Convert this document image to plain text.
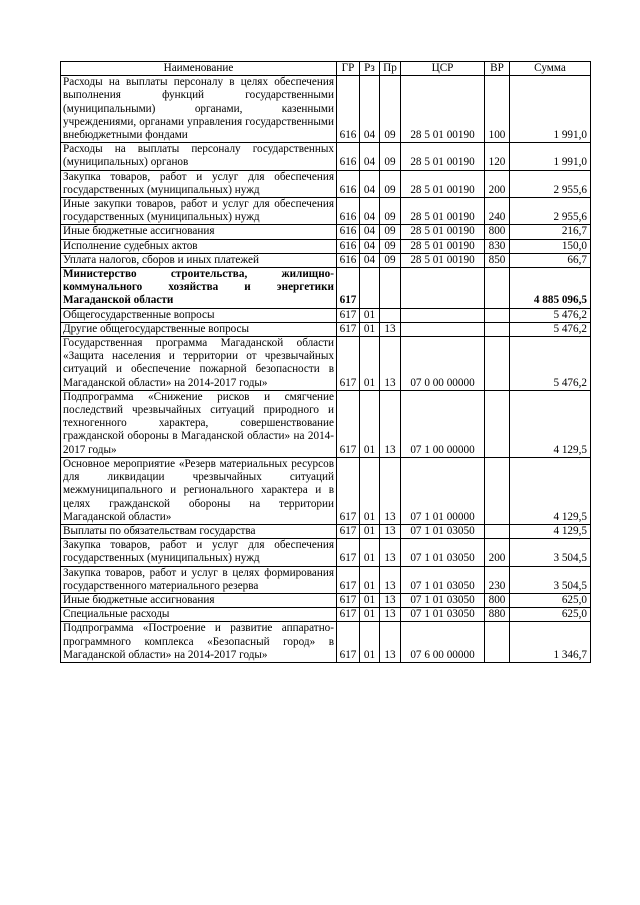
Наименование	ГР	Рз	Пр	ЦСР	ВР	Сумма
Расходы на выплаты персоналу в целях обеспечения выполнения функций государственными (муниципальными) органами, казенными учреждениями, органами управления государственными внебюджетными фондами	616	04	09	28 5 01 00190	100	1 991,0
Расходы на выплаты персоналу государственных (муниципальных) органов	616	04	09	28 5 01 00190	120	1 991,0
Закупка товаров, работ и услуг для обеспечения государственных (муниципальных) нужд	616	04	09	28 5 01 00190	200	2 955,6
Иные закупки товаров, работ и услуг для обеспечения государственных (муниципальных) нужд	616	04	09	28 5 01 00190	240	2 955,6
Иные бюджетные ассигнования	616	04	09	28 5 01 00190	800	216,7
Исполнение судебных актов	616	04	09	28 5 01 00190	830	150,0
Уплата налогов, сборов и иных платежей	616	04	09	28 5 01 00190	850	66,7
Министерство строительства, жилищно-коммунального хозяйства и энергетики Магаданской области	617					4 885 096,5
Общегосударственные вопросы	617	01				5 476,2
Другие общегосударственные вопросы	617	01	13			5 476,2
Государственная программа Магаданской области «Защита населения и территории от чрезвычайных ситуаций и обеспечение пожарной безопасности в Магаданской области» на 2014-2017 годы»	617	01	13	07 0 00 00000		5 476,2
Подпрограмма «Снижение рисков и смягчение последствий чрезвычайных ситуаций природного и техногенного характера, совершенствование гражданской обороны в Магаданской области» на 2014-2017 годы»	617	01	13	07 1 00 00000		4 129,5
Основное мероприятие «Резерв материальных ресурсов для ликвидации чрезвычайных ситуаций межмуниципального и регионального характера и в целях гражданской обороны на территории Магаданской области»	617	01	13	07 1 01 00000		4 129,5
Выплаты по обязательствам государства	617	01	13	07 1 01 03050		4 129,5
Закупка товаров, работ и услуг для обеспечения государственных (муниципальных) нужд	617	01	13	07 1 01 03050	200	3 504,5
Закупка товаров, работ и услуг в целях формирования государственного материального резерва	617	01	13	07 1 01 03050	230	3 504,5
Иные бюджетные ассигнования	617	01	13	07 1 01 03050	800	625,0
Специальные расходы	617	01	13	07 1 01 03050	880	625,0
Подпрограмма «Построение и развитие аппаратно-программного комплекса «Безопасный город» в Магаданской области» на 2014-2017 годы»	617	01	13	07 6 00 00000		1 346,7
